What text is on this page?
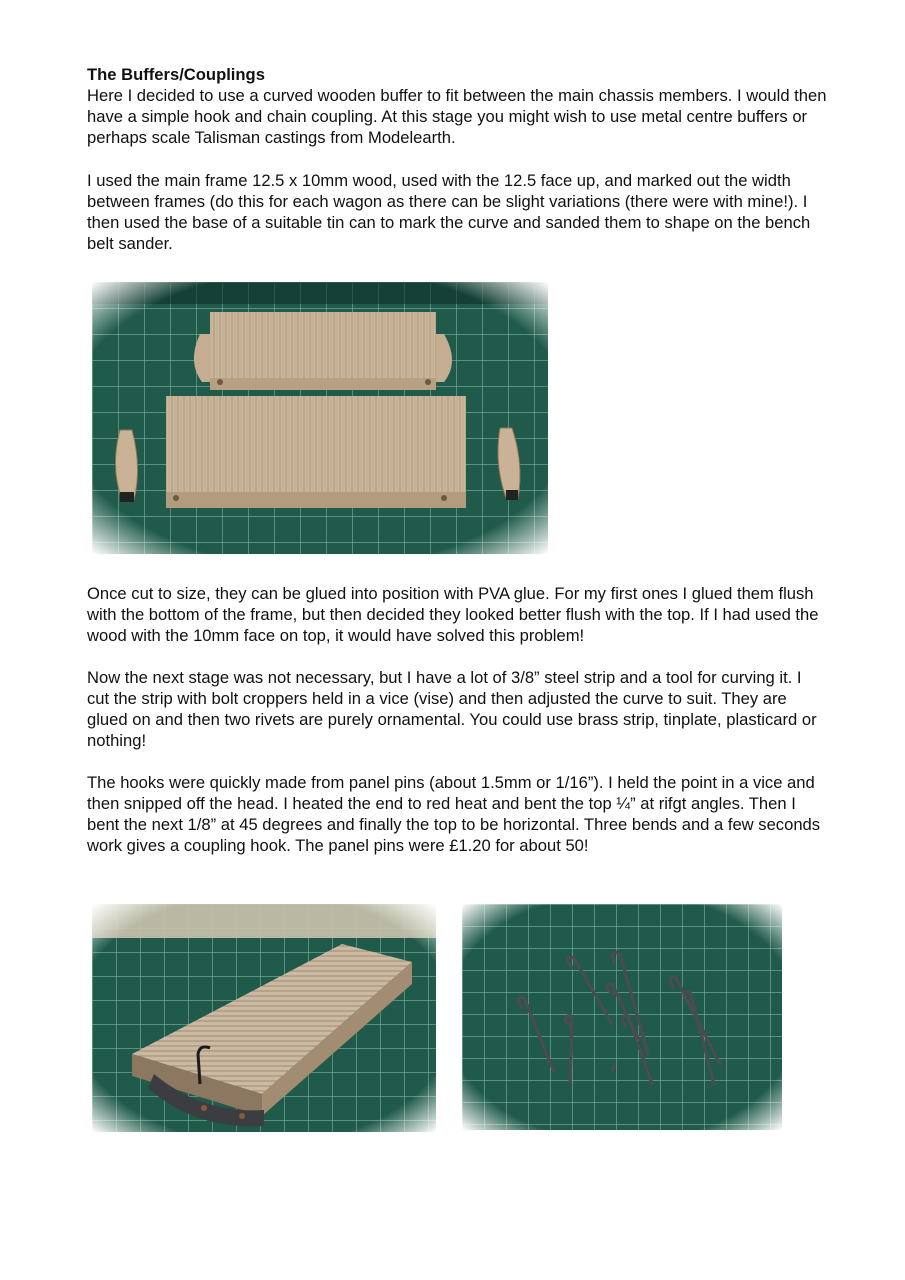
The Buffers/Couplings
Here I decided to use a curved wooden buffer to fit between the main chassis members. I would then have a simple hook and chain coupling. At this stage you might wish to use metal centre buffers or perhaps scale Talisman castings from Modelearth.

I used the main frame 12.5 x 10mm wood, used with the 12.5 face up, and marked out the width between frames (do this for each wagon as there can be slight variations (there were with mine!). I then used the base of a suitable tin can to mark the curve and sanded them to shape on the bench belt sander.

Once cut to size, they can be glued into position with PVA glue. For my first ones I glued them flush with the bottom of the frame, but then decided they looked better flush with the top. If I had used the wood with the 10mm face on top, it would have solved this problem!

Now the next stage was not necessary, but I have a lot of 3/8” steel strip and a tool for curving it. I cut the strip with bolt croppers held in a vice (vise) and then adjusted the curve to suit. They are glued on and then two rivets are purely ornamental. You could use brass strip, tinplate, plasticard or nothing!

The hooks were quickly made from panel pins (about 1.5mm or 1/16”). I held the point in a vice and then snipped off the head. I heated the end to red heat and bent the top ¼” at rifgt angles. Then I bent the next 1/8” at 45 degrees and finally the top to be horizontal. Three bends and a few seconds work gives a coupling hook. The panel pins were £1.20 for about 50!
